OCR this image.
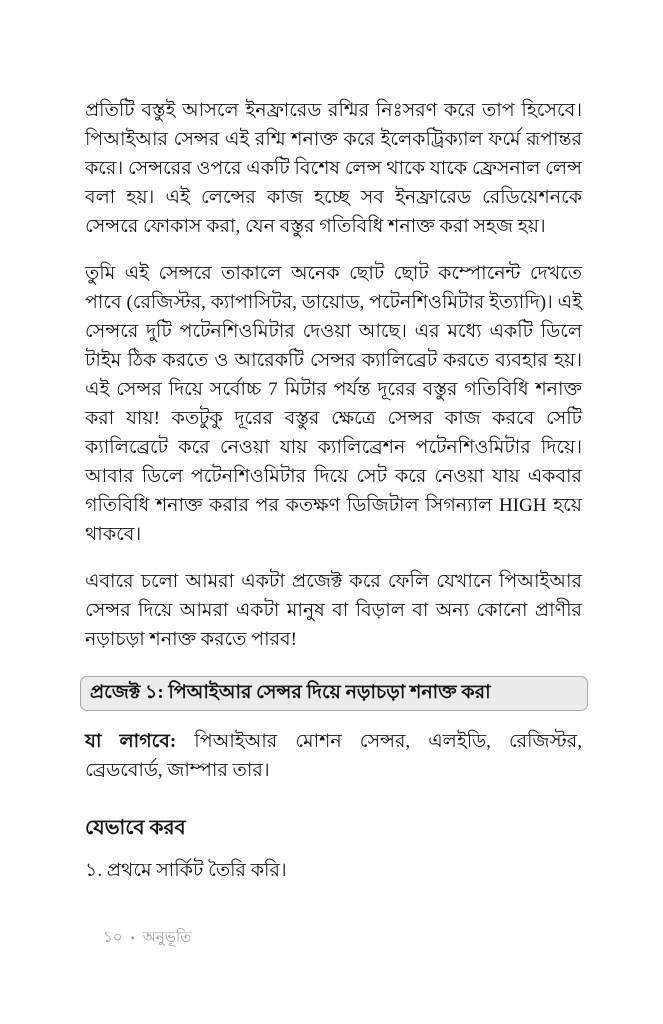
প্রতিটি বস্তুই আসলে ইনফ্রারেড রশ্মির নিঃসরণ করে তাপ হিসেবে। পিআইআর সেন্সর এই রশ্মি শনাক্ত করে ইলেকট্রিক্যাল ফর্মে রূপান্তর করে। সেন্সরের ওপরে একটি বিশেষ লেন্স থাকে যাকে ফ্রেসনাল লেন্স বলা হয়। এই লেন্সের কাজ হচ্ছে সব ইনফ্রারেড রেডিয়েশনকে সেন্সরে ফোকাস করা, যেন বস্তুর গতিবিধি শনাক্ত করা সহজ হয়।

তুমি এই সেন্সরে তাকালে অনেক ছোট ছোট কম্পোনেন্ট দেখতে পাবে (রেজিস্টর, ক্যাপাসিটর, ডায়োড, পটেনশিওমিটার ইত্যাদি)। এই সেন্সরে দুটি পটেনশিওমিটার দেওয়া আছে। এর মধ্যে একটি ডিলে টাইম ঠিক করতে ও আরেকটি সেন্সর ক্যালিব্রেট করতে ব্যবহার হয়। এই সেন্সর দিয়ে সর্বোচ্চ 7 মিটার পর্যন্ত দূরের বস্তুর গতিবিধি শনাক্ত করা যায়! কতটুকু দূরের বস্তুর ক্ষেত্রে সেন্সর কাজ করবে সেটি ক্যালিব্রেটে করে নেওয়া যায় ক্যালিব্রেশন পটেনশিওমিটার দিয়ে। আবার ডিলে পটেনশিওমিটার দিয়ে সেট করে নেওয়া যায় একবার গতিবিধি শনাক্ত করার পর কতক্ষণ ডিজিটাল সিগন্যাল HIGH হয়ে থাকবে।

এবারে চলো আমরা একটা প্রজেক্ট করে ফেলি যেখানে পিআইআর সেন্সর দিয়ে আমরা একটা মানুষ বা বিড়াল বা অন্য কোনো প্রাণীর নড়াচড়া শনাক্ত করতে পারব!

প্রজেক্ট ১: পিআইআর সেন্সর দিয়ে নড়াচড়া শনাক্ত করা

যা লাগবে: পিআইআর মোশন সেন্সর, এলইডি, রেজিস্টর, ব্রেডবোর্ড, জাম্পার তার।

যেভাবে করব

১. প্রথমে সার্কিট তৈরি করি।

১০ • অনুভূতি
